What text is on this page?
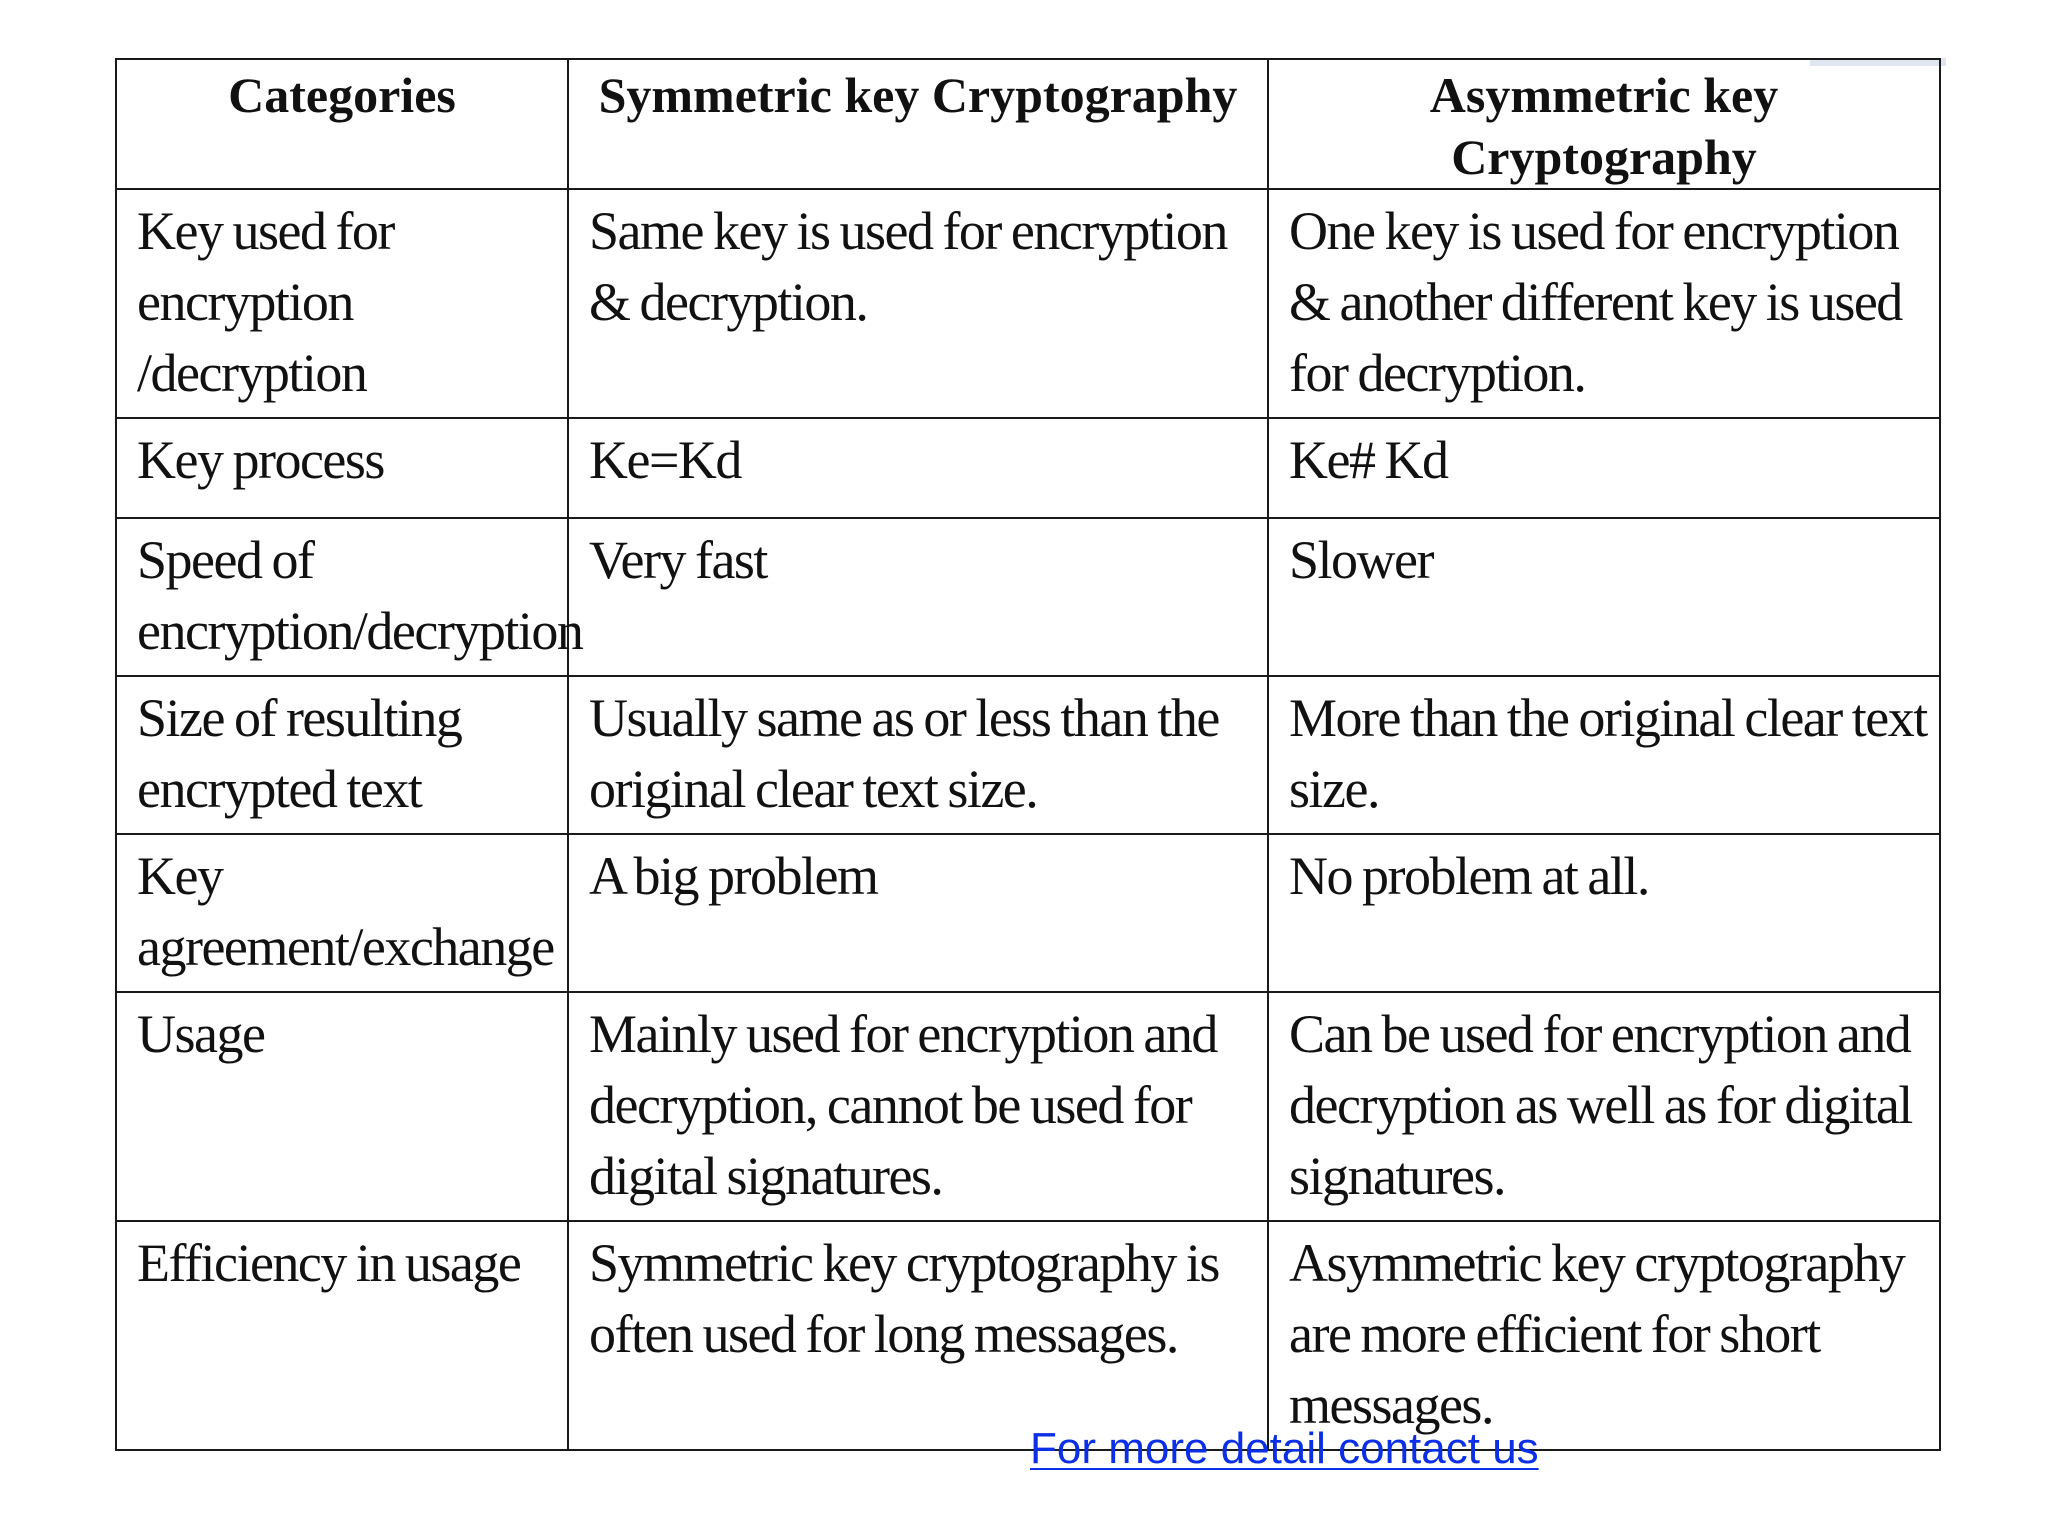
Categories	Symmetric key Cryptography	Asymmetric key Cryptography

Key used for encryption /decryption	Same key is used for encryption & decryption.	One key is used for encryption & another different key is used for decryption.

Key process	Ke=Kd	Ke# Kd

Speed of encryption/decryption	Very fast	Slower

Size of resulting encrypted text	Usually same as or less than the original clear text size.	More than the original clear text size.

Key agreement/exchange	A big problem	No problem at all.

Usage	Mainly used for encryption and decryption, cannot be used for digital signatures.	Can be used for encryption and decryption as well as for digital signatures.

Efficiency in usage	Symmetric key cryptography is often used for long messages.	Asymmetric key cryptography are more efficient for short messages.
For more detail contact us
